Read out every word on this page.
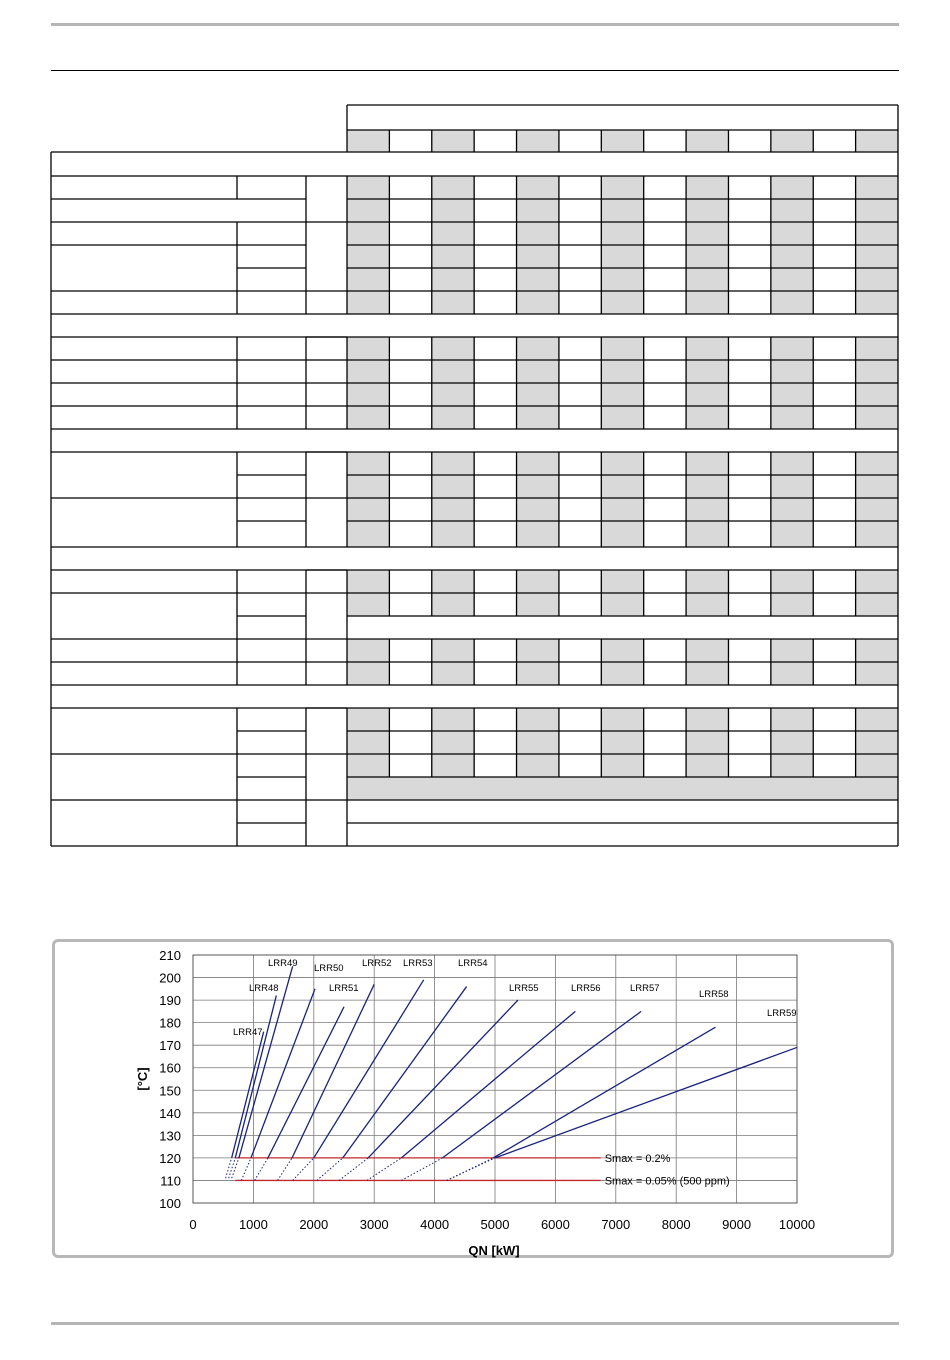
0	1000 2000 3000 4000 5000 6000 7000 8000 9000 10000
100
110
120
130
140
150
160
170
180
190
200
210
QN [kW]
[°C]
Smax = 0.2%
Smax = 0.05% (500 ppm)
LRR47
LRR48
LRR49 LRR50
LRR51
LRR52 LRR53	LRR54
LRR55	LRR56	LRR57
LRR58
LRR59
